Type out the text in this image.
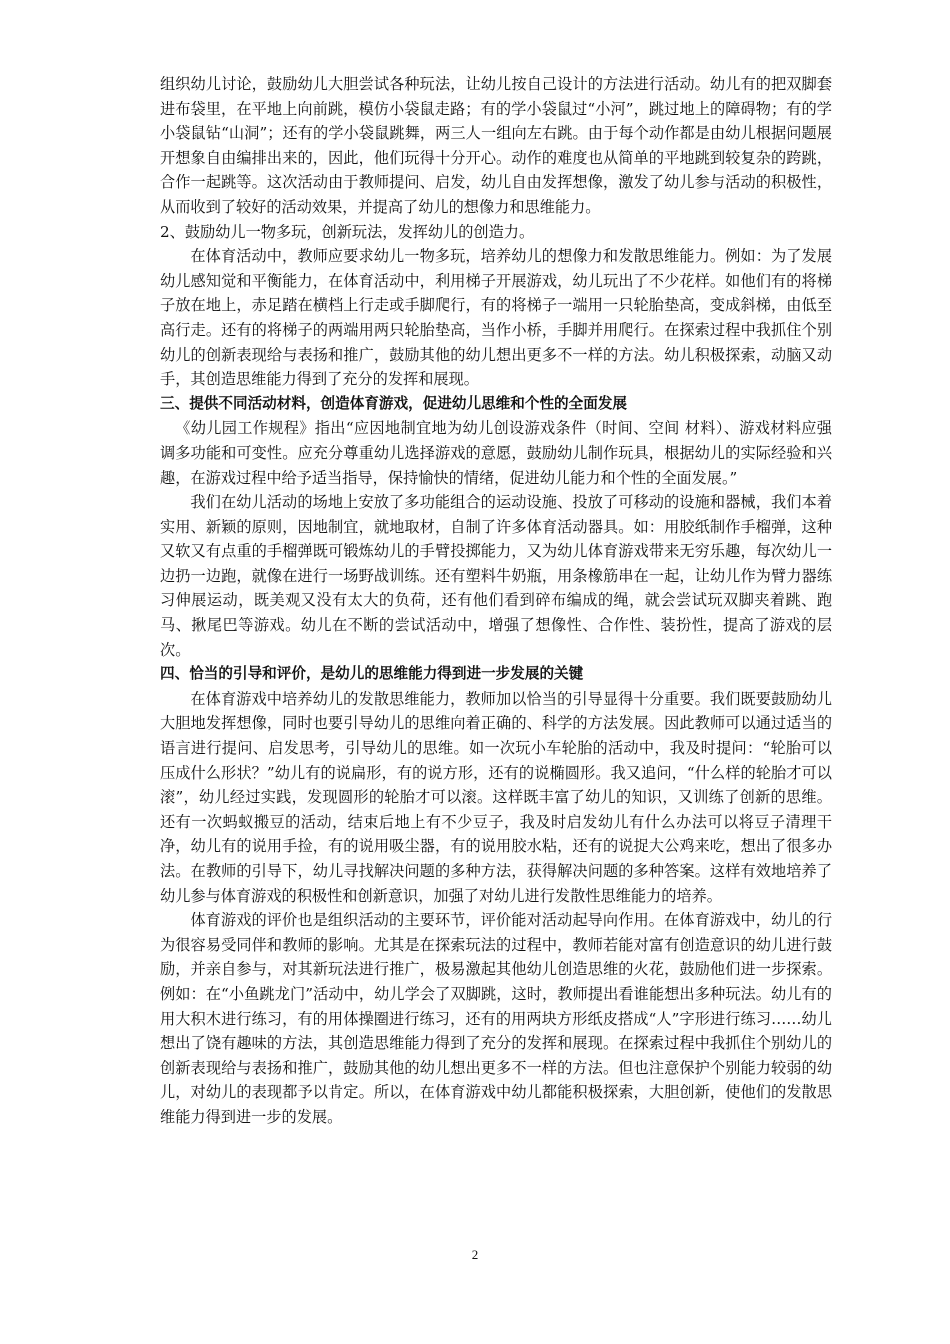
组织幼儿讨论，鼓励幼儿大胆尝试各种玩法，让幼儿按自己设计的方法进行活动。幼儿有的把双脚套进布袋里，在平地上向前跳，模仿小袋鼠走路；有的学小袋鼠过“小河”，跳过地上的障碍物；有的学小袋鼠钻“山洞”；还有的学小袋鼠跳舞，两三人一组向左右跳。由于每个动作都是由幼儿根据问题展开想象自由编排出来的，因此，他们玩得十分开心。动作的难度也从简单的平地跳到较复杂的跨跳，合作一起跳等。这次活动由于教师提问、启发，幼儿自由发挥想像，激发了幼儿参与活动的积极性，从而收到了较好的活动效果，并提高了幼儿的想像力和思维能力。

2、鼓励幼儿一物多玩，创新玩法，发挥幼儿的创造力。

在体育活动中，教师应要求幼儿一物多玩，培养幼儿的想像力和发散思维能力。例如：为了发展幼儿感知觉和平衡能力，在体育活动中，利用梯子开展游戏，幼儿玩出了不少花样。如他们有的将梯子放在地上，赤足踏在横档上行走或手脚爬行，有的将梯子一端用一只轮胎垫高，变成斜梯，由低至高行走。还有的将梯子的两端用两只轮胎垫高，当作小桥，手脚并用爬行。在探索过程中我抓住个别幼儿的创新表现给与表扬和推广，鼓励其他的幼儿想出更多不一样的方法。幼儿积极探索，动脑又动手，其创造思维能力得到了充分的发挥和展现。

三、提供不同活动材料，创造体育游戏，促进幼儿思维和个性的全面发展

《幼儿园工作规程》指出“应因地制宜地为幼儿创设游戏条件（时间、空间 材料）、游戏材料应强调多功能和可变性。应充分尊重幼儿选择游戏的意愿，鼓励幼儿制作玩具，根据幼儿的实际经验和兴趣，在游戏过程中给予适当指导，保持愉快的情绪，促进幼儿能力和个性的全面发展。”

我们在幼儿活动的场地上安放了多功能组合的运动设施、投放了可移动的设施和器械，我们本着实用、新颖的原则，因地制宜，就地取材，自制了许多体育活动器具。如：用胶纸制作手榴弹，这种又软又有点重的手榴弹既可锻炼幼儿的手臂投掷能力，又为幼儿体育游戏带来无穷乐趣，每次幼儿一边扔一边跑，就像在进行一场野战训练。还有塑料牛奶瓶，用条橡筋串在一起，让幼儿作为臂力器练习伸展运动，既美观又没有太大的负荷，还有他们看到碎布编成的绳，就会尝试玩双脚夹着跳、跑马、揪尾巴等游戏。幼儿在不断的尝试活动中，增强了想像性、合作性、装扮性，提高了游戏的层次。

四、恰当的引导和评价，是幼儿的思维能力得到进一步发展的关键

在体育游戏中培养幼儿的发散思维能力，教师加以恰当的引导显得十分重要。我们既要鼓励幼儿大胆地发挥想像，同时也要引导幼儿的思维向着正确的、科学的方法发展。因此教师可以通过适当的语言进行提问、启发思考，引导幼儿的思维。如一次玩小车轮胎的活动中，我及时提问：“轮胎可以压成什么形状？”幼儿有的说扁形，有的说方形，还有的说椭圆形。我又追问，“什么样的轮胎才可以滚”，幼儿经过实践，发现圆形的轮胎才可以滚。这样既丰富了幼儿的知识，又训练了创新的思维。还有一次蚂蚁搬豆的活动，结束后地上有不少豆子，我及时启发幼儿有什么办法可以将豆子清理干净，幼儿有的说用手捡，有的说用吸尘器，有的说用胶水粘，还有的说捉大公鸡来吃，想出了很多办法。在教师的引导下，幼儿寻找解决问题的多种方法，获得解决问题的多种答案。这样有效地培养了幼儿参与体育游戏的积极性和创新意识，加强了对幼儿进行发散性思维能力的培养。

体育游戏的评价也是组织活动的主要环节，评价能对活动起导向作用。在体育游戏中，幼儿的行为很容易受同伴和教师的影响。尤其是在探索玩法的过程中，教师若能对富有创造意识的幼儿进行鼓励，并亲自参与，对其新玩法进行推广，极易激起其他幼儿创造思维的火花，鼓励他们进一步探索。例如：在“小鱼跳龙门”活动中，幼儿学会了双脚跳，这时，教师提出看谁能想出多种玩法。幼儿有的用大积木进行练习，有的用体操圈进行练习，还有的用两块方形纸皮搭成“人”字形进行练习……幼儿想出了饶有趣味的方法，其创造思维能力得到了充分的发挥和展现。在探索过程中我抓住个别幼儿的创新表现给与表扬和推广，鼓励其他的幼儿想出更多不一样的方法。但也注意保护个别能力较弱的幼儿，对幼儿的表现都予以肯定。所以，在体育游戏中幼儿都能积极探索，大胆创新，使他们的发散思维能力得到进一步的发展。

2
